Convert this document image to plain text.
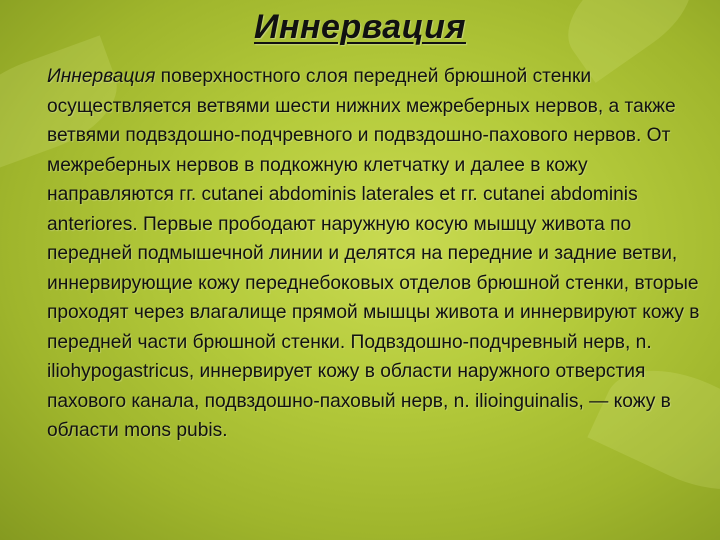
Иннервация
Иннервация поверхностного слоя передней брюшной стенки осуществляется ветвями шести нижних межреберных нервов, а также ветвями подвздошно-подчревного и подвздошно-пахового нервов. От межреберных нервов в подкожную клетчатку и далее в кожу направляются гг. cutanei abdominis laterales et гг. cutanei abdominis anteriores. Первые прободают наружную косую мышцу живота по передней подмышечной линии и делятся на передние и задние ветви, иннервирующие кожу переднебоковых отделов брюшной стенки, вторые проходят через влагалище прямой мышцы живота и иннервируют кожу в передней части брюшной стенки. Подвздошно-подчревный нерв, n. iliohypogastricus, иннервирует кожу в области наружного отверстия пахового канала, подвздошно-паховый нерв, n. ilioinguinalis, — кожу в области mons pubis.
